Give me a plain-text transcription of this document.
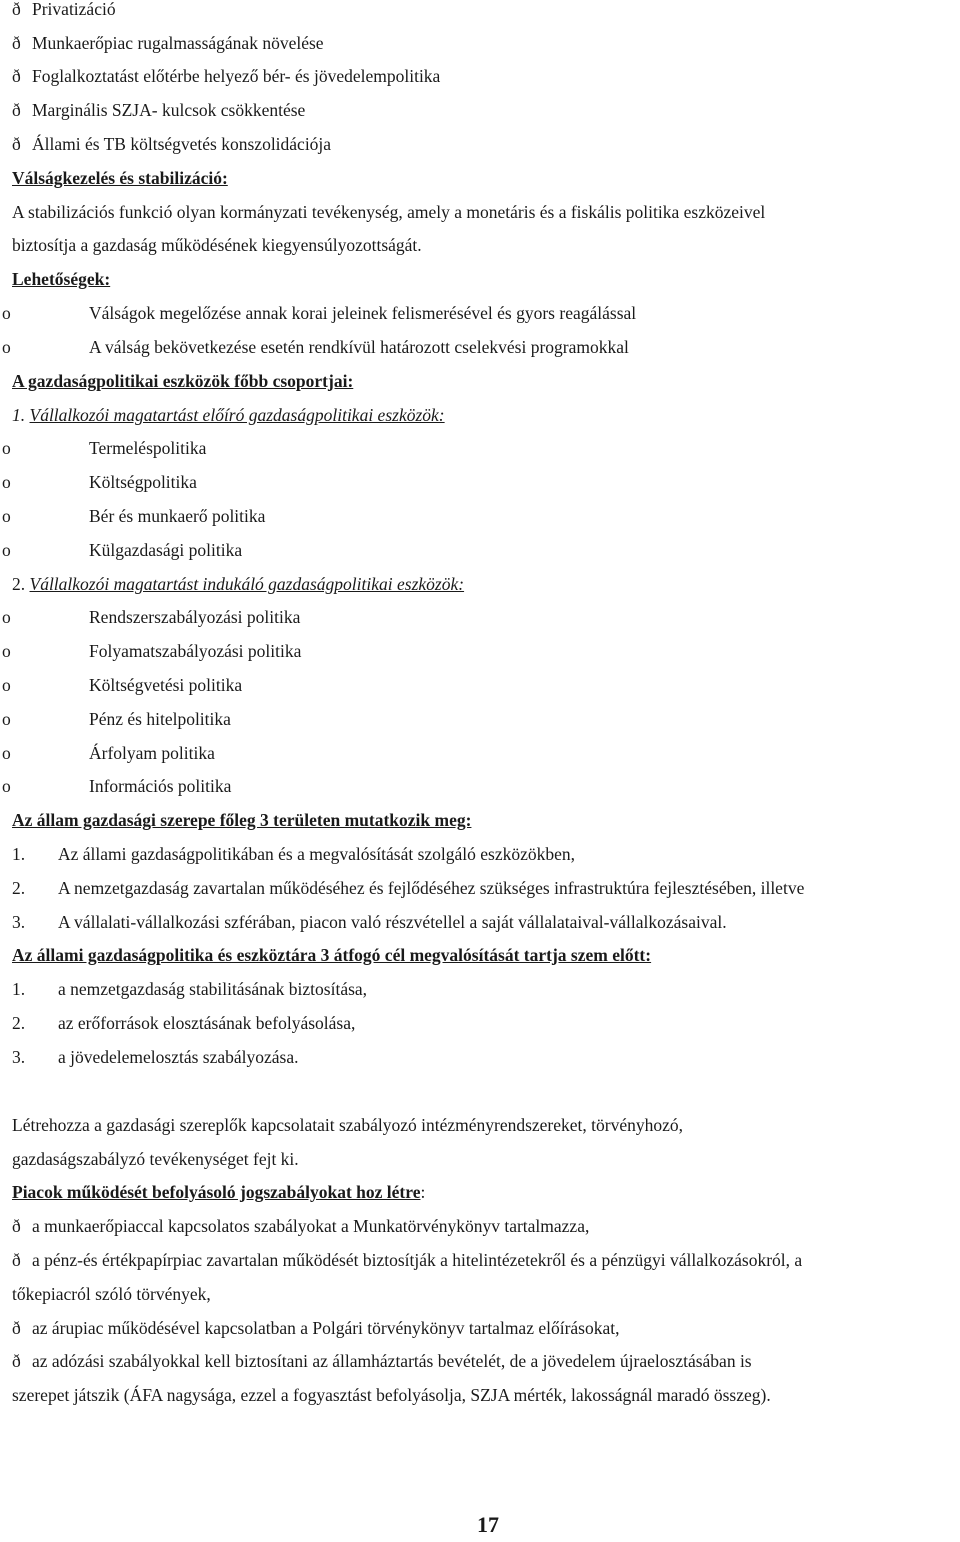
ð Privatizáció
ð Munkaerőpiac rugalmasságának növelése
ð Foglalkoztatást előtérbe helyező bér- és jövedelempolitika
ð Marginális SZJA- kulcsok csökkentése
ð Állami és TB költségvetés konszolidációja
Válságkezelés és stabilizáció:
A stabilizációs funkció olyan kormányzati tevékenység, amely a monetáris és a fiskális politika eszközeivel
biztosítja a gazdaság működésének kiegyensúlyozottságát.
Lehetőségek:
o	Válságok megelőzése annak korai jeleinek felismerésével és gyors reagálással
o	A válság bekövetkezése esetén rendkívül határozott cselekvési programokkal
A gazdaságpolitikai eszközök főbb csoportjai:
1. Vállalkozói magatartást előíró gazdaságpolitikai eszközök:
o	Termeléspolitika
o	Költségpolitika
o	Bér és munkaerő politika
o	Külgazdasági politika
2. Vállalkozói magatartást indukáló gazdaságpolitikai eszközök:
o	Rendszerszabályozási politika
o	Folyamatszabályozási politika
o	Költségvetési politika
o	Pénz és hitelpolitika
o	Árfolyam politika
o	Információs politika
Az állam gazdasági szerepe főleg 3 területen mutatkozik meg:
1. Az állami gazdaságpolitikában és a megvalósítását szolgáló eszközökben,
2. A nemzetgazdaság zavartalan működéséhez és fejlődéséhez szükséges infrastruktúra fejlesztésében, illetve
3. A vállalati-vállalkozási szférában, piacon való részvétellel a saját vállalataival-vállalkozásaival.
Az állami gazdaságpolitika és eszköztára 3 átfogó cél megvalósítását tartja szem előtt:
1. a nemzetgazdaság stabilitásának biztosítása,
2. az erőforrások elosztásának befolyásolása,
3. a jövedelemelosztás szabályozása.
Létrehozza a gazdasági szereplők kapcsolatait szabályozó intézményrendszereket, törvényhozó,
gazdaságszabályzó tevékenységet fejt ki.
Piacok működését befolyásoló jogszabályokat hoz létre:
ð a munkaerőpiaccal kapcsolatos szabályokat a Munkatörvénykönyv tartalmazza,
ð a pénz-és értékpapírpiac zavartalan működését biztosítják a hitelintézetekről és a pénzügyi vállalkozásokról, a
tőkepiacról szóló törvények,
ð az árupiac működésével kapcsolatban a Polgári törvénykönyv tartalmaz előírásokat,
ð az adózási szabályokkal kell biztosítani az államháztartás bevételét, de a jövedelem újraelosztásában is
szerepet játszik (ÁFA nagysága, ezzel a fogyasztást befolyásolja, SZJA mérték, lakosságnál maradó összeg).
17
